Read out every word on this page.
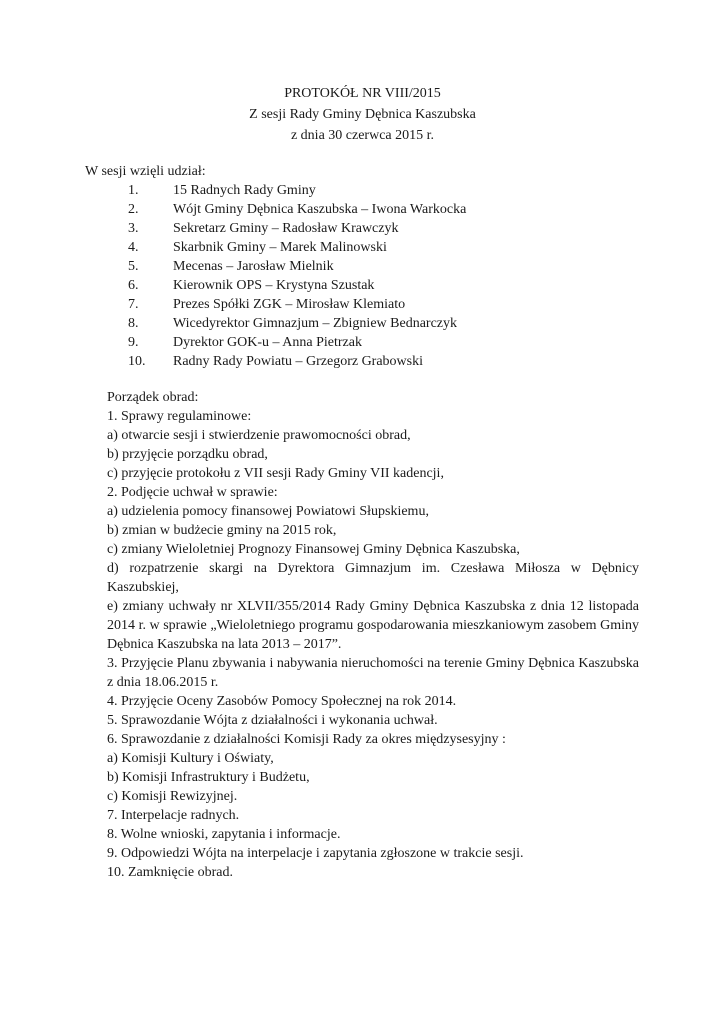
PROTOKÓŁ NR VIII/2015
Z sesji Rady Gminy Dębnica Kaszubska
z dnia 30 czerwca 2015 r.
W sesji wzięli udział:
1. 15 Radnych Rady Gminy
2. Wójt Gminy Dębnica Kaszubska – Iwona Warkocka
3. Sekretarz Gminy – Radosław Krawczyk
4. Skarbnik Gminy – Marek Malinowski
5. Mecenas – Jarosław Mielnik
6. Kierownik OPS – Krystyna Szustak
7. Prezes Spółki ZGK – Mirosław Klemiato
8. Wicedyrektor Gimnazjum – Zbigniew Bednarczyk
9. Dyrektor GOK-u – Anna Pietrzak
10. Radny Rady Powiatu – Grzegorz Grabowski
Porządek obrad:
1. Sprawy regulaminowe:
a) otwarcie sesji i stwierdzenie prawomocności obrad,
b) przyjęcie porządku obrad,
c) przyjęcie protokołu z VII sesji Rady Gminy VII kadencji,
2. Podjęcie uchwał w sprawie:
a) udzielenia pomocy finansowej Powiatowi Słupskiemu,
b) zmian w budżecie gminy na 2015 rok,
c) zmiany Wieloletniej Prognozy Finansowej Gminy Dębnica Kaszubska,
d) rozpatrzenie skargi na Dyrektora Gimnazjum im. Czesława Miłosza w Dębnicy Kaszubskiej,
e) zmiany uchwały nr XLVII/355/2014 Rady Gminy Dębnica Kaszubska z dnia 12 listopada 2014 r. w sprawie „Wieloletniego programu gospodarowania mieszkaniowym zasobem Gminy Dębnica Kaszubska na lata 2013 – 2017”.
3. Przyjęcie Planu zbywania i nabywania nieruchomości na terenie Gminy Dębnica Kaszubska z dnia 18.06.2015 r.
4. Przyjęcie Oceny Zasobów Pomocy Społecznej na rok 2014.
5. Sprawozdanie Wójta z działalności i wykonania uchwał.
6. Sprawozdanie z działalności Komisji Rady za okres międzysesyjny :
a) Komisji Kultury i Oświaty,
b) Komisji Infrastruktury i Budżetu,
c) Komisji Rewizyjnej.
7. Interpelacje radnych.
8. Wolne wnioski, zapytania i informacje.
9. Odpowiedzi Wójta na interpelacje i zapytania zgłoszone w trakcie sesji.
10. Zamknięcie obrad.
